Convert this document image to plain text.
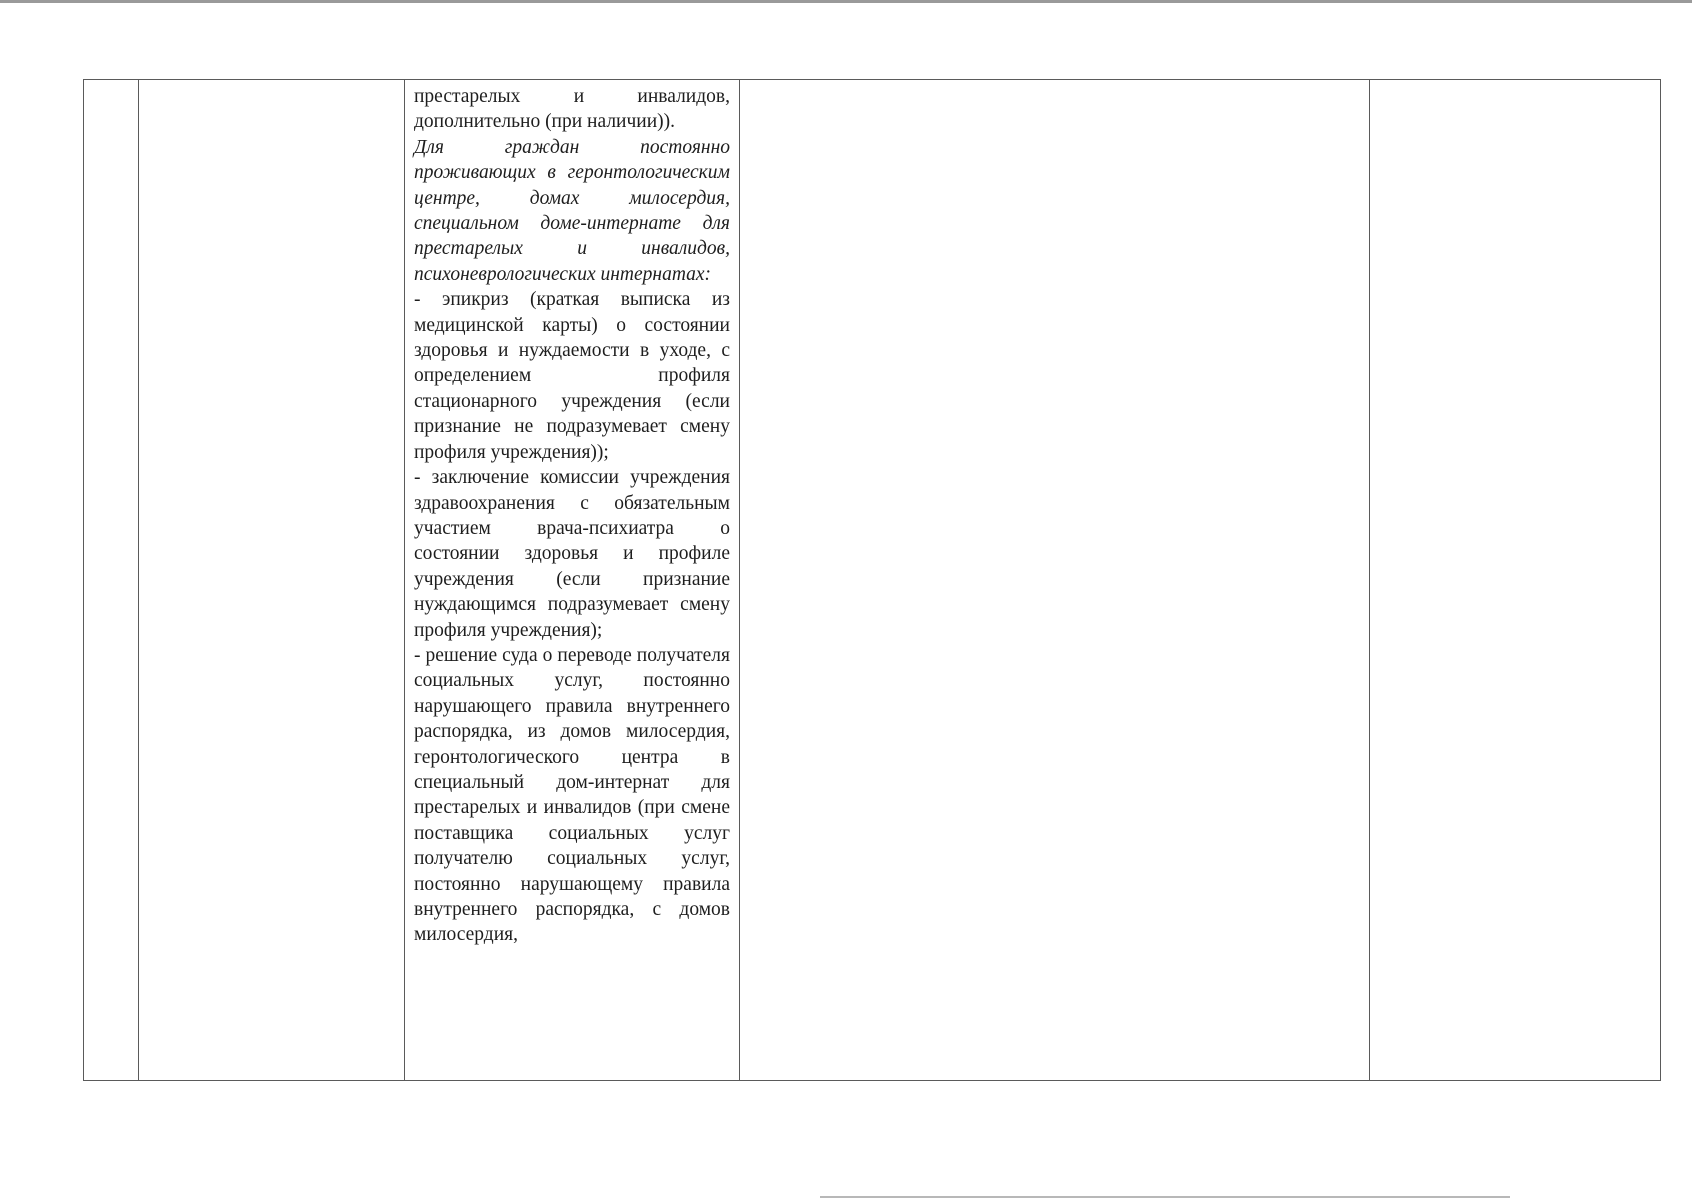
престарелых и инвалидов, дополнительно (при наличии)).

Для граждан постоянно проживающих в геронтологическим центре, домах милосердия, специальном доме-интернате для престарелых и инвалидов, психоневрологических интернатах:

- эпикриз (краткая выписка из медицинской карты) о состоянии здоровья и нуждаемости в уходе, с определением профиля стационарного учреждения (если признание не подразумевает смену профиля учреждения));

- заключение комиссии учреждения здравоохранения с обязательным участием врача-психиатра о состоянии здоровья и профиле учреждения (если признание нуждающимся подразумевает смену профиля учреждения);

- решение суда о переводе получателя социальных услуг, постоянно нарушающего правила внутреннего распорядка, из домов милосердия, геронтологического центра в специальный дом-интернат для престарелых и инвалидов (при смене поставщика социальных услуг получателю социальных услуг, постоянно нарушающему правила внутреннего распорядка, с домов милосердия,
